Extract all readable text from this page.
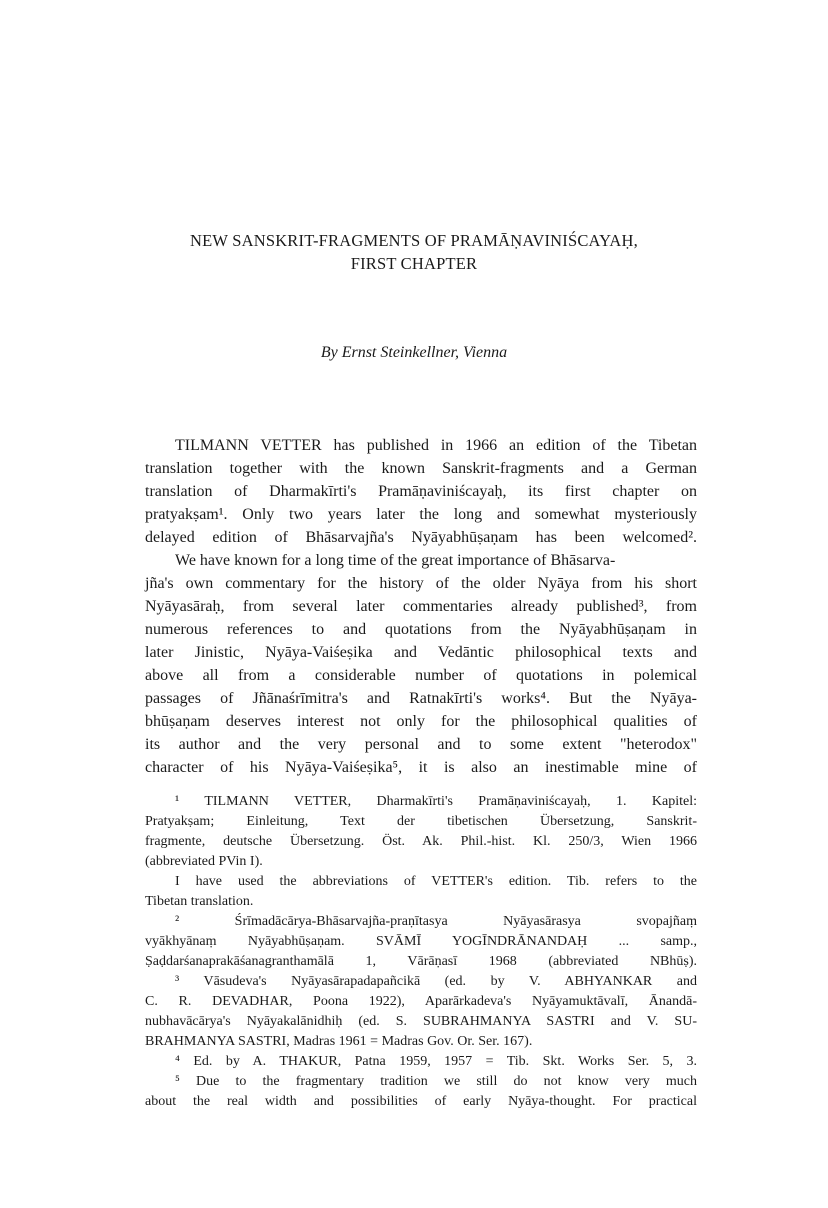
NEW SANSKRIT-FRAGMENTS OF PRAMĀṆAVINIŚCAYAḤ,
FIRST CHAPTER
By Ernst Steinkellner, Vienna
TILMANN VETTER has published in 1966 an edition of the Tibetan
translation together with the known Sanskrit-fragments and a German
translation of Dharmakīrti's Pramāṇaviniścayaḥ, its first chapter on
pratyakṣam¹. Only two years later the long and somewhat mysteriously
delayed edition of Bhāsarvajña's Nyāyabhūṣaṇam has been welcomed².
We have known for a long time of the great importance of Bhāsarva-
jña's own commentary for the history of the older Nyāya from his short
Nyāyasāraḥ, from several later commentaries already published³, from
numerous references to and quotations from the Nyāyabhūṣaṇam in
later Jinistic, Nyāya-Vaiśeṣika and Vedāntic philosophical texts and
above all from a considerable number of quotations in polemical
passages of Jñānaśrīmitra's and Ratnakīrti's works⁴. But the Nyāya-
bhūṣaṇam deserves interest not only for the philosophical qualities of
its author and the very personal and to some extent "heterodox"
character of his Nyāya-Vaiśeṣika⁵, it is also an inestimable mine of
¹ TILMANN VETTER, Dharmakīrti's Pramāṇaviniścayaḥ, 1. Kapitel:
Pratyakṣam; Einleitung, Text der tibetischen Übersetzung, Sanskrit-
fragmente, deutsche Übersetzung. Öst. Ak. Phil.-hist. Kl. 250/3, Wien 1966
(abbreviated PVin I).
I have used the abbreviations of VETTER's edition. Tib. refers to the
Tibetan translation.
² Śrīmadācārya-Bhāsarvajña-praṇītasya Nyāyasārasya svopajñaṃ
vyākhyānaṃ Nyāyabhūṣaṇam. SVĀMĪ YOGĪNDRĀNANDAḤ ... samp.,
Ṣaḍdarśanaprakāśanagranthamālā 1, Vārāṇasī 1968 (abbreviated NBhūṣ).
³ Vāsudeva's Nyāyasārapadapañcikā (ed. by V. ABHYANKAR and
C. R. DEVADHAR, Poona 1922), Aparārkadeva's Nyāyamuktāvalī, Ānandā-
nubhavācārya's Nyāyakalānidhiḥ (ed. S. SUBRAHMANYA SASTRI and V. SU-
BRAHMANYA SASTRI, Madras 1961 = Madras Gov. Or. Ser. 167).
⁴ Ed. by A. THAKUR, Patna 1959, 1957 = Tib. Skt. Works Ser. 5, 3.
⁵ Due to the fragmentary tradition we still do not know very much
about the real width and possibilities of early Nyāya-thought. For practical
